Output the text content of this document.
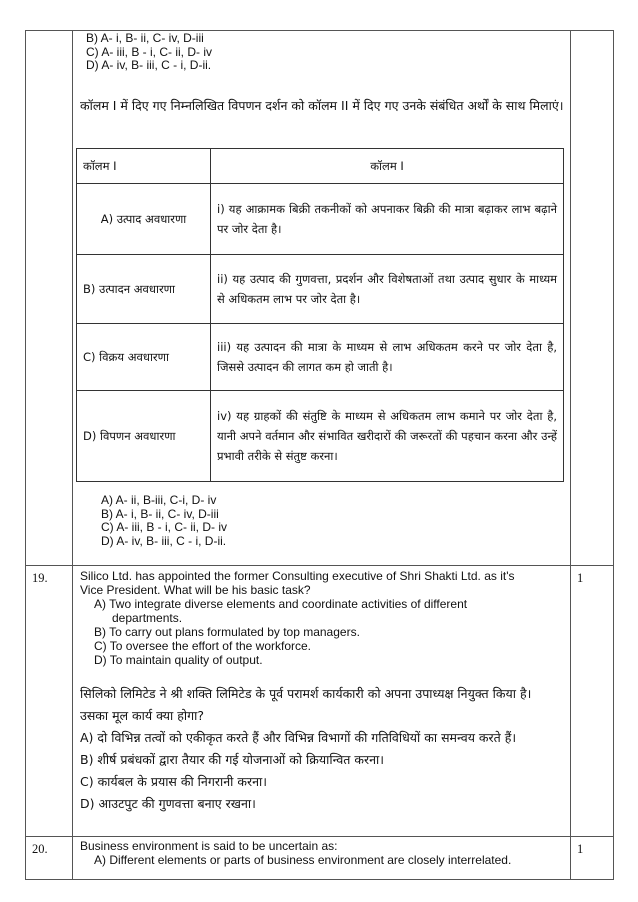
B) A- i, B- ii, C- iv, D-iii
C) A- iii, B - i, C- ii, D- iv
D) A- iv, B- iii, C - i, D-ii.
कॉलम I में दिए गए निम्नलिखित विपणन दर्शन को कॉलम II में दिए गए उनके संबंधित अर्थों के साथ मिलाएं।
कॉलम I	कॉलम I
A) उत्पाद अवधारणा	i) यह आक्रामक बिक्री तकनीकों को अपनाकर बिक्री की मात्रा बढ़ाकर लाभ बढ़ाने पर जोर देता है।
B) उत्पादन अवधारणा	ii) यह उत्पाद की गुणवत्ता, प्रदर्शन और विशेषताओं तथा उत्पाद सुधार के माध्यम से अधिकतम लाभ पर जोर देता है।
C) विक्रय अवधारणा	iii) यह उत्पादन की मात्रा के माध्यम से लाभ अधिकतम करने पर जोर देता है, जिससे उत्पादन की लागत कम हो जाती है।
D) विपणन अवधारणा	iv) यह ग्राहकों की संतुष्टि के माध्यम से अधिकतम लाभ कमाने पर जोर देता है, यानी अपने वर्तमान और संभावित खरीदारों की जरूरतों की पहचान करना और उन्हें प्रभावी तरीके से संतुष्ट करना।
A) A- ii, B-iii, C-i, D- iv
B) A- i, B- ii, C- iv, D-iii
C) A- iii, B - i, C- ii, D- iv
D) A- iv, B- iii, C - i, D-ii.
19.	1
Silico Ltd. has appointed the former Consulting executive of Shri Shakti Ltd. as it's
Vice President. What will be his basic task?
A) Two integrate diverse elements and coordinate activities of different
departments.
B) To carry out plans formulated by top managers.
C) To oversee the effort of the workforce.
D) To maintain quality of output.
सिलिको लिमिटेड ने श्री शक्ति लिमिटेड के पूर्व परामर्श कार्यकारी को अपना उपाध्यक्ष नियुक्त किया है। उसका मूल कार्य क्या होगा?
A) दो विभिन्न तत्वों को एकीकृत करते हैं और विभिन्न विभागों की गतिविधियों का समन्वय करते हैं।
B) शीर्ष प्रबंधकों द्वारा तैयार की गई योजनाओं को क्रियान्वित करना।
C) कार्यबल के प्रयास की निगरानी करना।
D) आउटपुट की गुणवत्ता बनाए रखना।
20.	1
Business environment is said to be uncertain as:
A) Different elements or parts of business environment are closely interrelated.
